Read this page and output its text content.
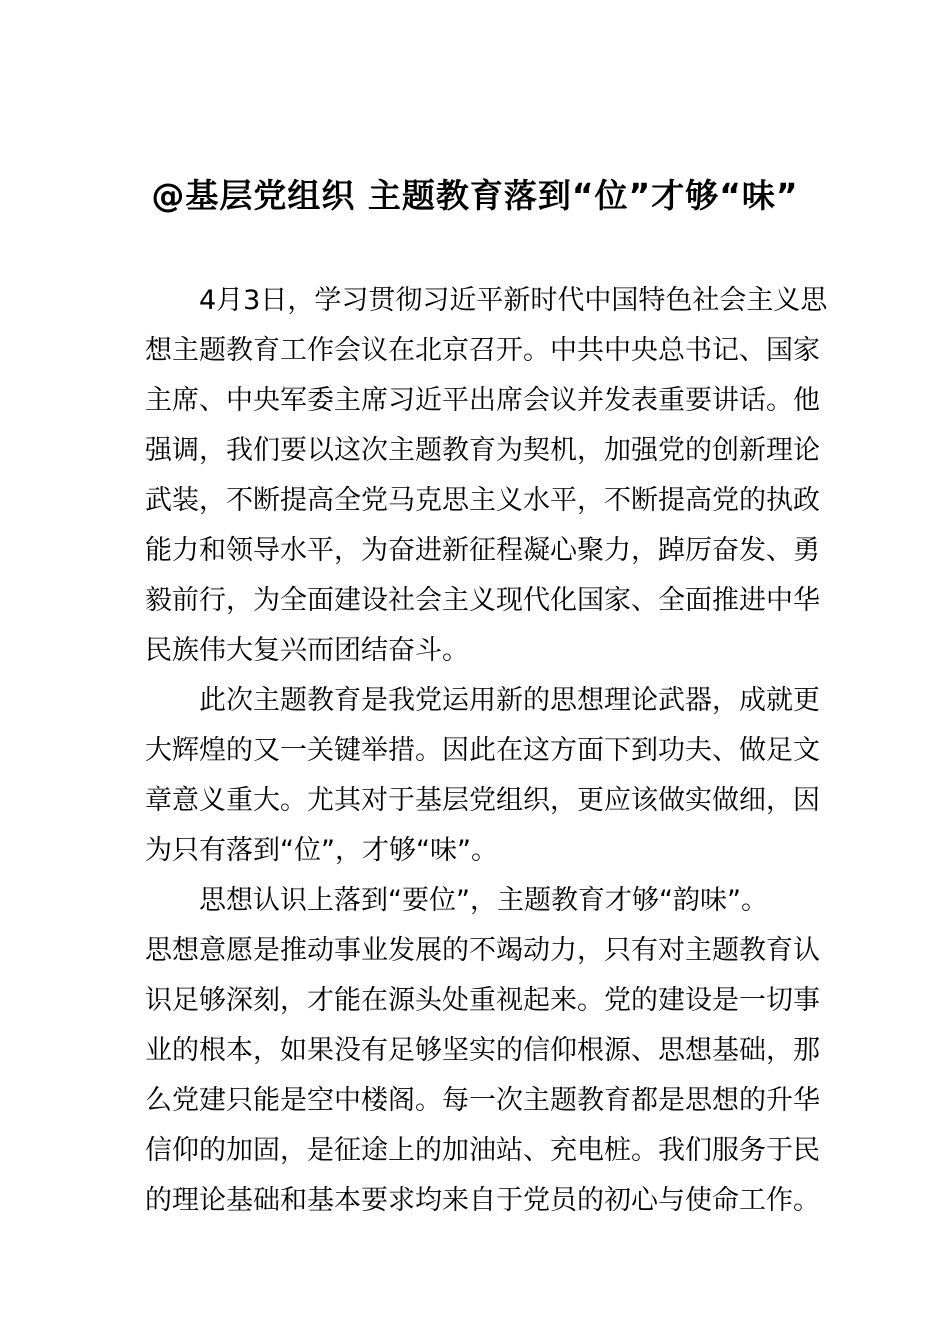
@基层党组织 主题教育落到“位”才够“味”
　　4月3日，学习贯彻习近平新时代中国特色社会主义思
想主题教育工作会议在北京召开。中共中央总书记、国家
主席、中央军委主席习近平出席会议并发表重要讲话。他
强调，我们要以这次主题教育为契机，加强党的创新理论
武装，不断提高全党马克思主义水平，不断提高党的执政
能力和领导水平，为奋进新征程凝心聚力，踔厉奋发、勇
毅前行，为全面建设社会主义现代化国家、全面推进中华
民族伟大复兴而团结奋斗。
　　此次主题教育是我党运用新的思想理论武器，成就更
大辉煌的又一关键举措。因此在这方面下到功夫、做足文
章意义重大。尤其对于基层党组织，更应该做实做细，因
为只有落到“位”，才够“味”。
　　思想认识上落到“要位”，主题教育才够“韵味”。
思想意愿是推动事业发展的不竭动力，只有对主题教育认
识足够深刻，才能在源头处重视起来。党的建设是一切事
业的根本，如果没有足够坚实的信仰根源、思想基础，那
么党建只能是空中楼阁。每一次主题教育都是思想的升华
信仰的加固，是征途上的加油站、充电桩。我们服务于民
的理论基础和基本要求均来自于党员的初心与使命工作。
